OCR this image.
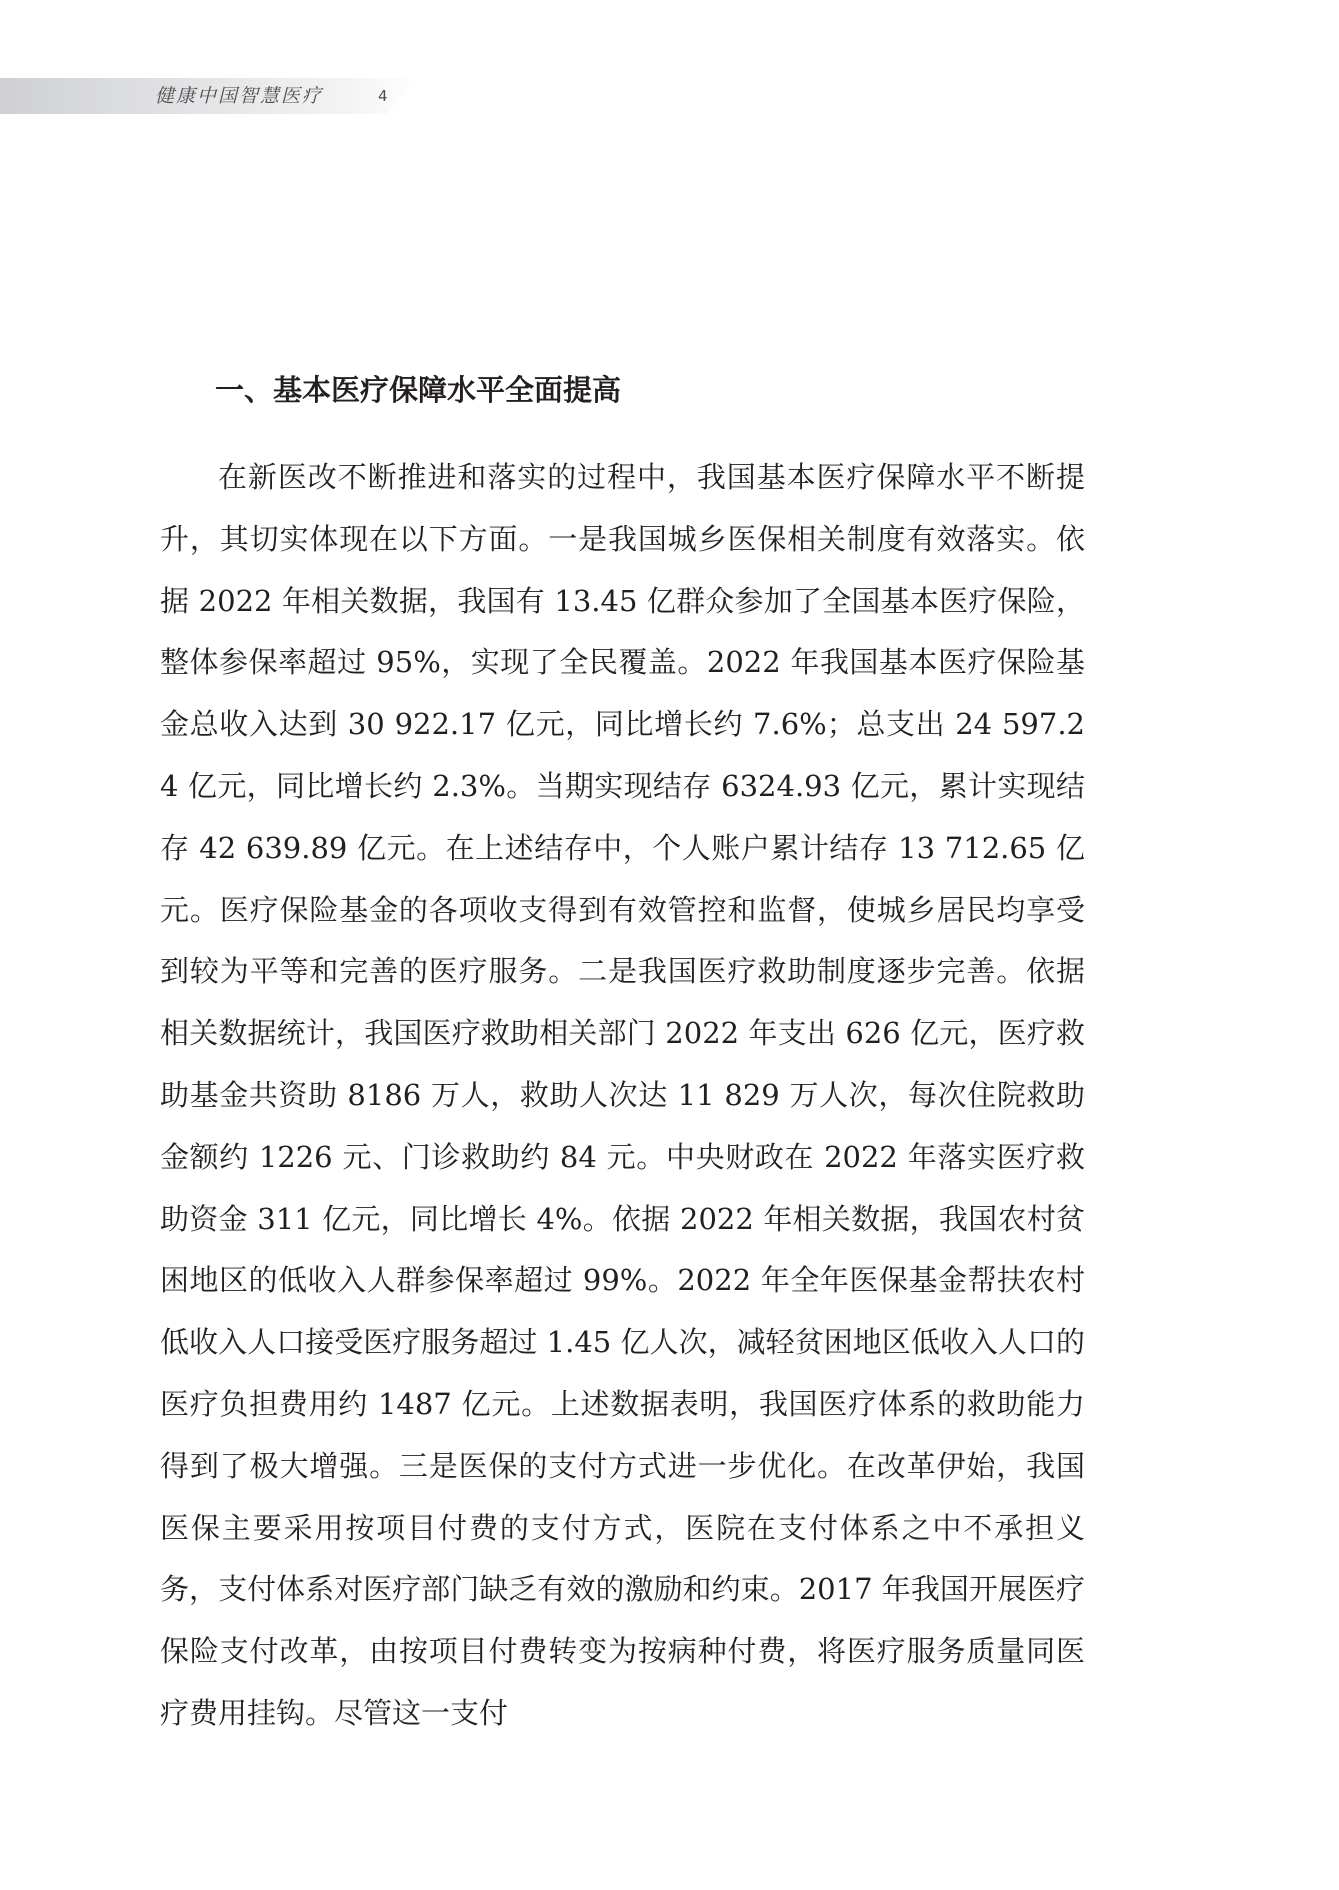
健康中国智慧医疗	4
一、基本医疗保障水平全面提高

在新医改不断推进和落实的过程中，我国基本医疗保障水平不断提升，其切实体现在以下方面。一是我国城乡医保相关制度有效落实。依据 2022 年相关数据，我国有 13.45 亿群众参加了全国基本医疗保险，整体参保率超过 95%，实现了全民覆盖。2022 年我国基本医疗保险基金总收入达到 30 922.17 亿元，同比增长约 7.6%；总支出 24 597.24 亿元，同比增长约 2.3%。当期实现结存 6324.93 亿元，累计实现结存 42 639.89 亿元。在上述结存中，个人账户累计结存 13 712.65 亿元。医疗保险基金的各项收支得到有效管控和监督，使城乡居民均享受到较为平等和完善的医疗服务。二是我国医疗救助制度逐步完善。依据相关数据统计，我国医疗救助相关部门 2022 年支出 626 亿元，医疗救助基金共资助 8186 万人，救助人次达 11 829 万人次，每次住院救助金额约 1226 元、门诊救助约 84 元。中央财政在 2022 年落实医疗救助资金 311 亿元，同比增长 4%。依据 2022 年相关数据，我国农村贫困地区的低收入人群参保率超过 99%。2022 年全年医保基金帮扶农村低收入人口接受医疗服务超过 1.45 亿人次，减轻贫困地区低收入人口的医疗负担费用约 1487 亿元。上述数据表明，我国医疗体系的救助能力得到了极大增强。三是医保的支付方式进一步优化。在改革伊始，我国医保主要采用按项目付费的支付方式，医院在支付体系之中不承担义务，支付体系对医疗部门缺乏有效的激励和约束。2017 年我国开展医疗保险支付改革，由按项目付费转变为按病种付费，将医疗服务质量同医疗费用挂钩。尽管这一支付
